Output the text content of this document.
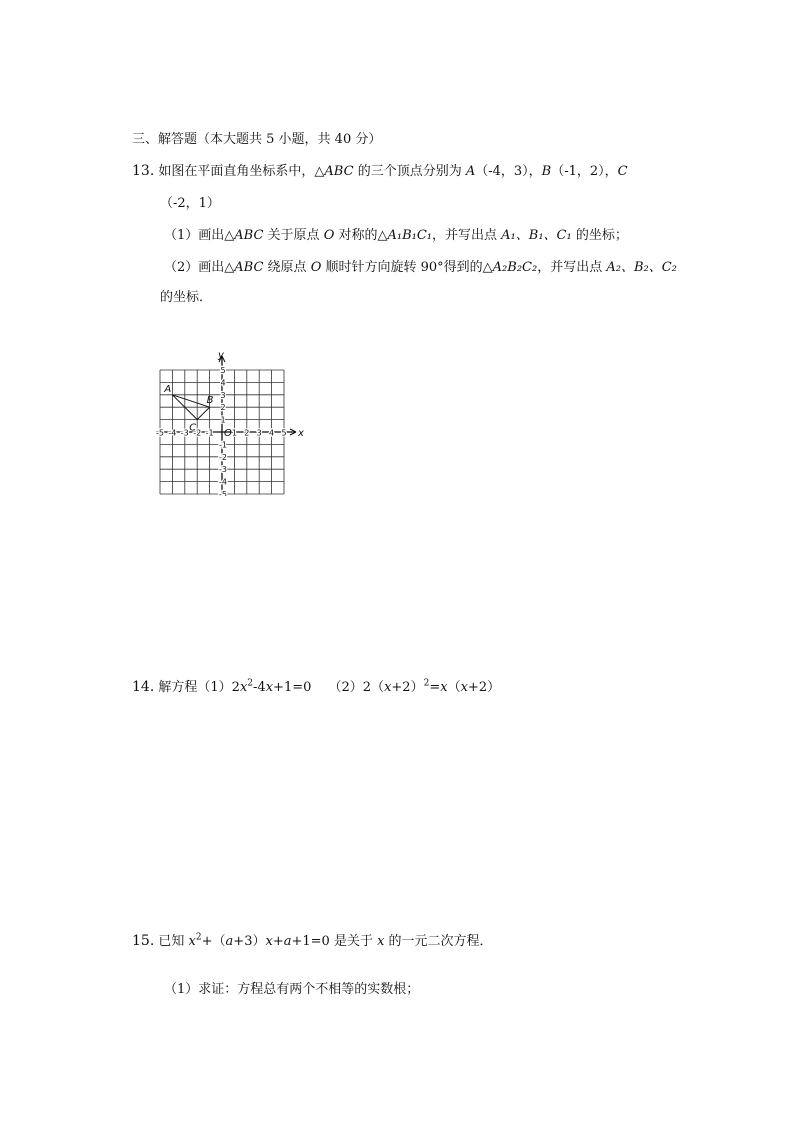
三、解答题（本大题共 5 小题，共 40 分）
13. 如图在平面直角坐标系中，△ABC 的三个顶点分别为 A（-4，3），B（-1，2），C
（-2，1）
（1）画出△ABC 关于原点 O 对称的△A₁B₁C₁，并写出点 A₁、B₁、C₁ 的坐标；
（2）画出△ABC 绕原点 O 顺时针方向旋转 90°得到的△A₂B₂C₂，并写出点 A₂、B₂、C₂
的坐标．
x
y
O
-5 -4 -3 -2 -1 1 2 3 4 5
5
4
3
2
1
-1
-2
-3
-4
-5
A
B
C
14. 解方程$(1)2x^2-4x+1=0$　 $(2)2(x+2)^2=x(x+2)$
15. 已知 $x^2+(a+3)x+a+1=0$ 是关于 x 的一元二次方程．
（1）求证：方程总有两个不相等的实数根；
